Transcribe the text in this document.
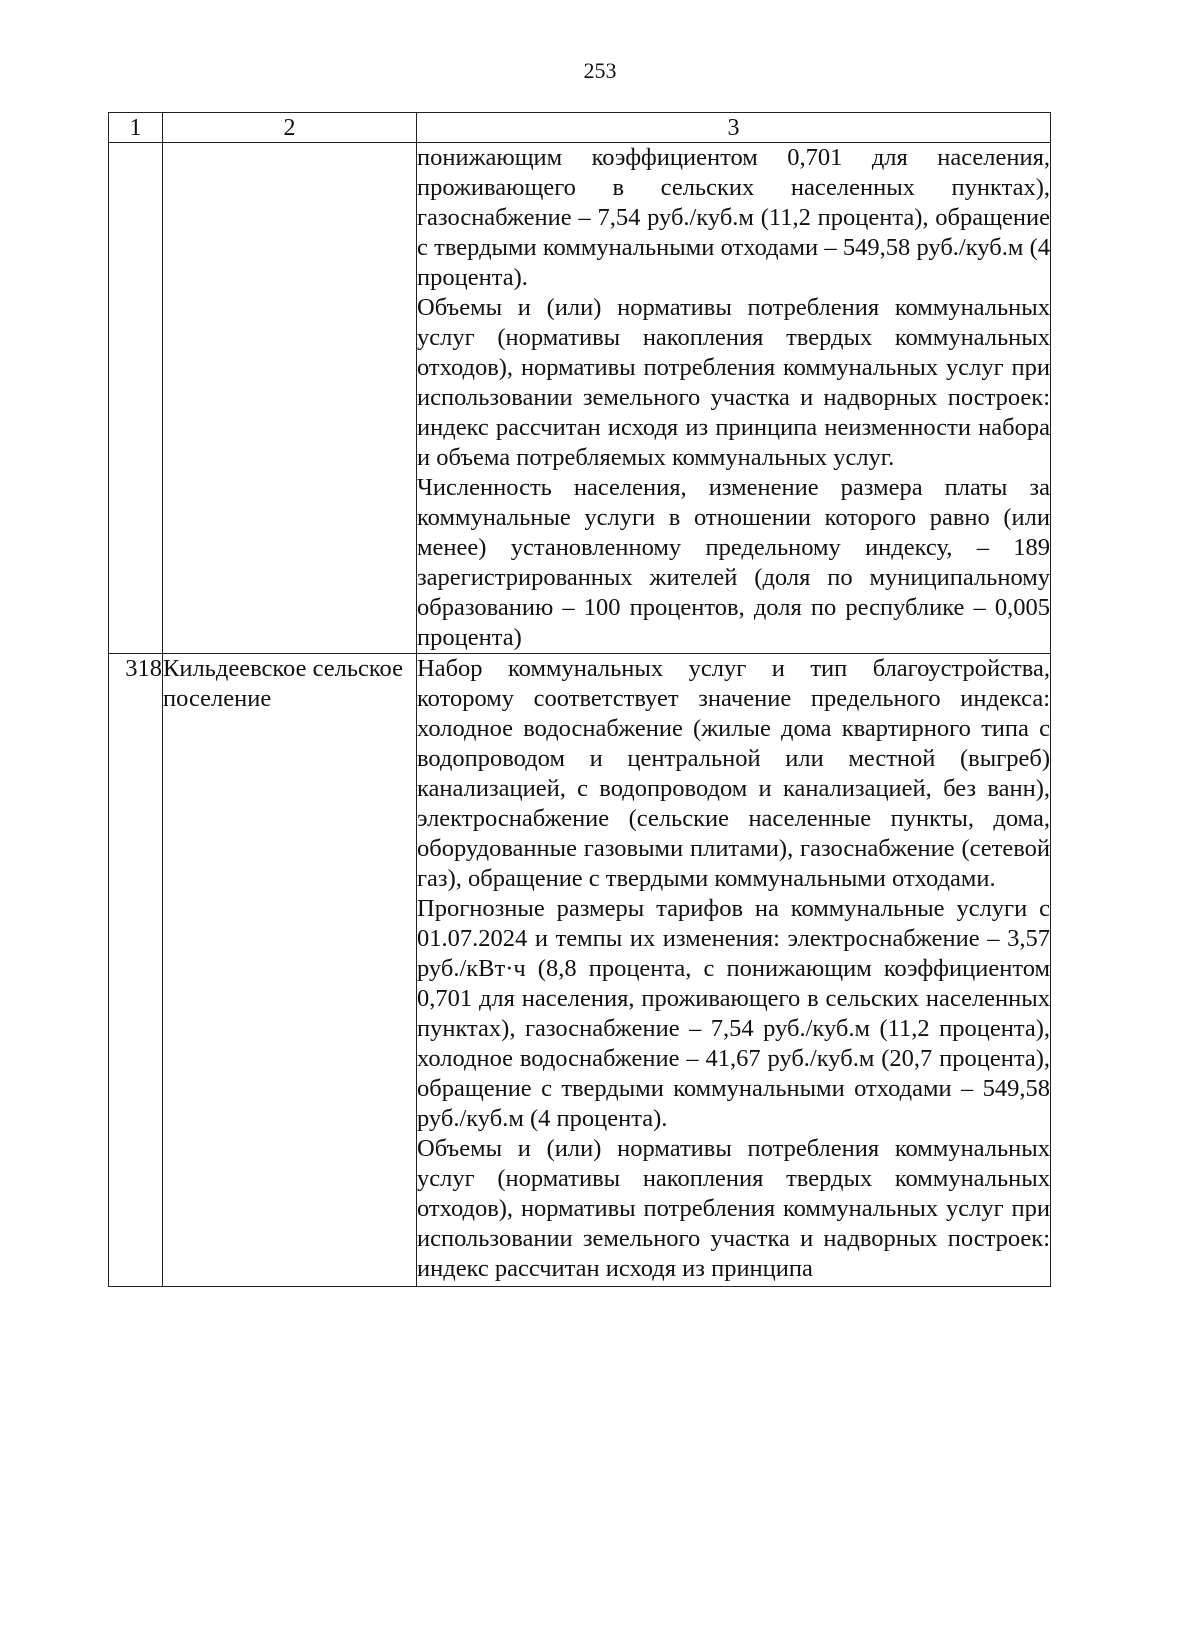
253
1	2	3

		понижающим коэффициентом 0,701 для населения, проживающего в сельских населенных пунктах), газоснабжение – 7,54 руб./куб.м (11,2 процента), обращение с твердыми коммунальными отходами – 549,58 руб./куб.м (4 процента).

Объемы и (или) нормативы потребления коммунальных услуг (нормативы накопления твердых коммунальных отходов), нормативы потребления коммунальных услуг при использовании земельного участка и надворных построек: индекс рассчитан исходя из принципа неизменности набора и объема потребляемых коммунальных услуг.

Численность населения, изменение размера платы за коммунальные услуги в отношении которого равно (или менее) установленному предельному индексу, – 189 зарегистрированных жителей (доля по муниципальному образованию – 100 процентов, доля по республике – 0,005 процента)

318	Кильдеевское сельское поселение	Набор коммунальных услуг и тип благоустройства, которому соответствует значение предельного индекса: холодное водоснабжение (жилые дома квартирного типа с водопроводом и центральной или местной (выгреб) канализацией, с водопроводом и канализацией, без ванн), электроснабжение (сельские населенные пункты, дома, оборудованные газовыми плитами), газоснабжение (сетевой газ), обращение с твердыми коммунальными отходами.

Прогнозные размеры тарифов на коммунальные услуги с 01.07.2024 и темпы их изменения: электроснабжение – 3,57 руб./кВт·ч (8,8 процента, с понижающим коэффициентом 0,701 для населения, проживающего в сельских населенных пунктах), газоснабжение – 7,54 руб./куб.м (11,2 процента), холодное водоснабжение – 41,67 руб./куб.м (20,7 процента), обращение с твердыми коммунальными отходами – 549,58 руб./куб.м (4 процента).

Объемы и (или) нормативы потребления коммунальных услуг (нормативы накопления твердых коммунальных отходов), нормативы потребления коммунальных услуг при использовании земельного участка и надворных построек: индекс рассчитан исходя из принципа
